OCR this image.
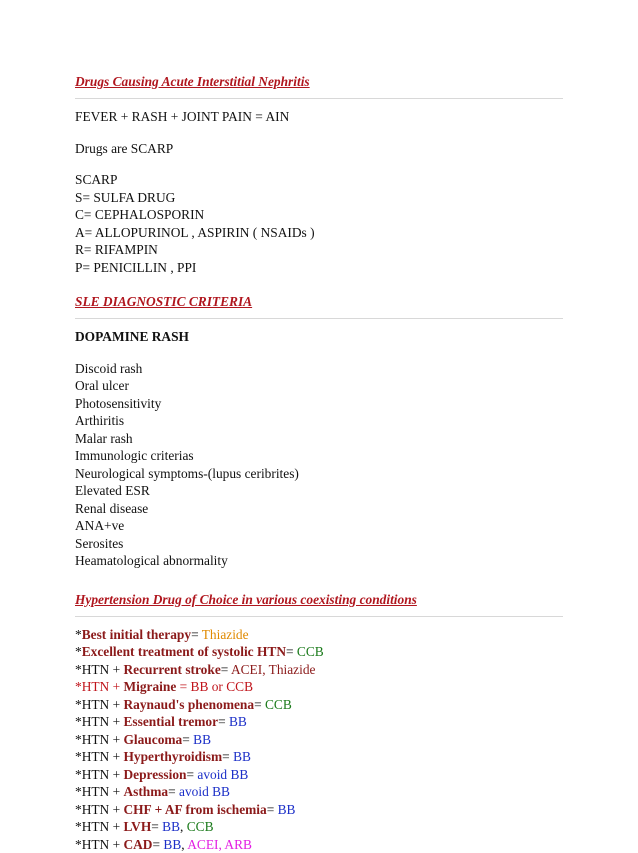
Drugs Causing Acute Interstitial Nephritis

FEVER + RASH + JOINT PAIN = AIN

Drugs are SCARP

SCARP

S= SULFA DRUG

C= CEPHALOSPORIN

A= ALLOPURINOL , ASPIRIN ( NSAIDs )

R= RIFAMPIN

P= PENICILLIN , PPI

SLE DIAGNOSTIC CRITERIA

DOPAMINE RASH

Discoid rash

Oral ulcer

Photosensitivity

Arthiritis

Malar rash

Immunologic criterias

Neurological symptoms-(lupus ceribrites)

Elevated ESR

Renal disease

ANA+ve

Serosites

Heamatological abnormality

Hypertension Drug of Choice in various coexisting conditions

*Best initial therapy= Thiazide

*Excellent treatment of systolic HTN= CCB

*HTN + Recurrent stroke= ACEI, Thiazide

*HTN + Migraine = BB or CCB

*HTN + Raynaud's phenomena= CCB

*HTN + Essential tremor= BB

*HTN + Glaucoma= BB

*HTN + Hyperthyroidism= BB

*HTN + Depression= avoid BB

*HTN + Asthma= avoid BB

*HTN + CHF + AF from ischemia= BB

*HTN + LVH= BB, CCB

*HTN + CAD= BB, ACEI, ARB
